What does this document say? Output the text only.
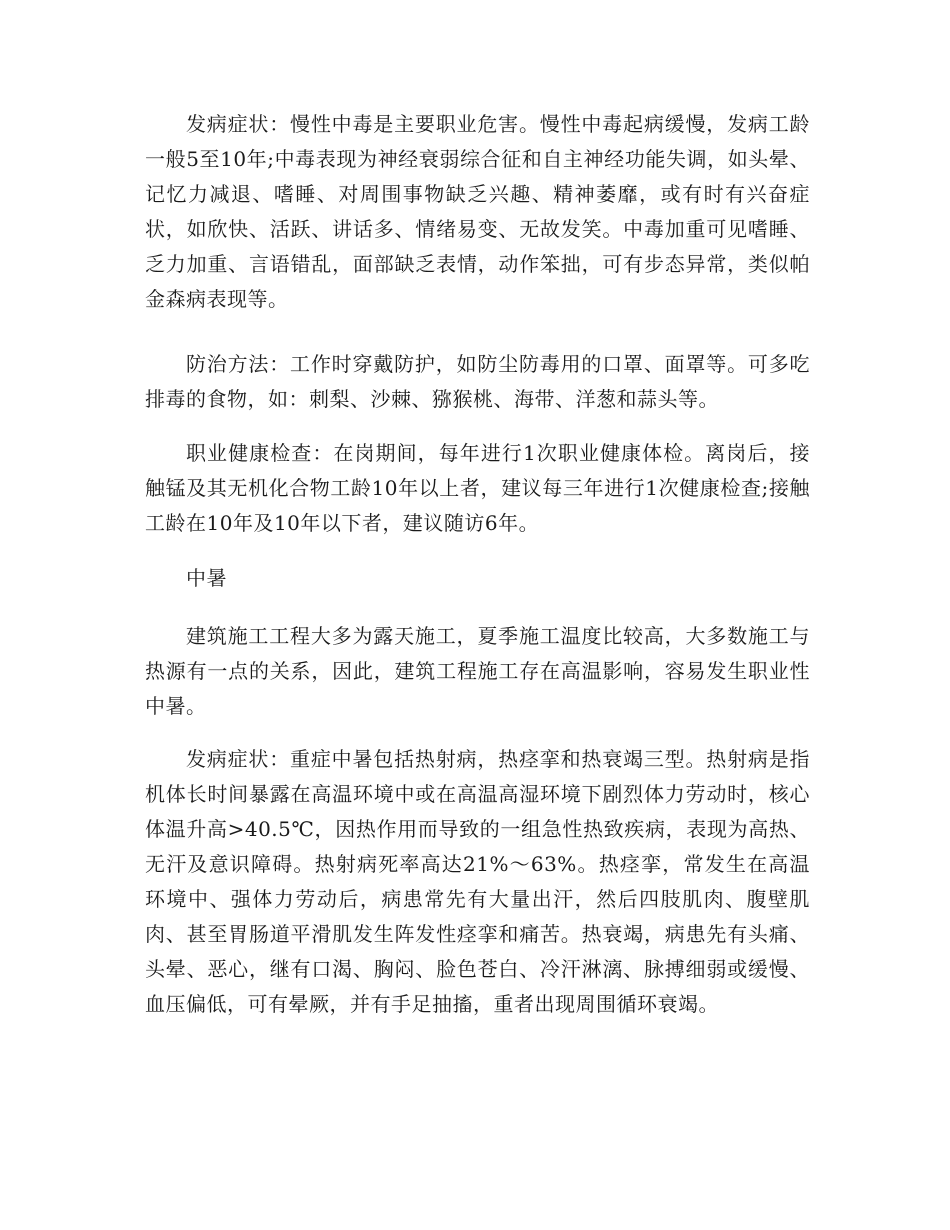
发病症状：慢性中毒是主要职业危害。慢性中毒起病缓慢，发病工龄一般5至10年;中毒表现为神经衰弱综合征和自主神经功能失调，如头晕、记忆力减退、嗜睡、对周围事物缺乏兴趣、精神萎靡，或有时有兴奋症状，如欣快、活跃、讲话多、情绪易变、无故发笑。中毒加重可见嗜睡、乏力加重、言语错乱，面部缺乏表情，动作笨拙，可有步态异常，类似帕金森病表现等。

防治方法：工作时穿戴防护，如防尘防毒用的口罩、面罩等。可多吃排毒的食物，如：刺梨、沙棘、猕猴桃、海带、洋葱和蒜头等。

职业健康检查：在岗期间，每年进行1次职业健康体检。离岗后，接触锰及其无机化合物工龄10年以上者，建议每三年进行1次健康检查;接触工龄在10年及10年以下者，建议随访6年。

中暑

建筑施工工程大多为露天施工，夏季施工温度比较高，大多数施工与热源有一点的关系，因此，建筑工程施工存在高温影响，容易发生职业性中暑。

发病症状：重症中暑包括热射病，热痉挛和热衰竭三型。热射病是指机体长时间暴露在高温环境中或在高温高湿环境下剧烈体力劳动时，核心体温升高>40.5℃，因热作用而导致的一组急性热致疾病，表现为高热、无汗及意识障碍。热射病死率高达21%～63%。热痉挛，常发生在高温环境中、强体力劳动后，病患常先有大量出汗，然后四肢肌肉、腹壁肌肉、甚至胃肠道平滑肌发生阵发性痉挛和痛苦。热衰竭，病患先有头痛、头晕、恶心，继有口渴、胸闷、脸色苍白、冷汗淋漓、脉搏细弱或缓慢、血压偏低，可有晕厥，并有手足抽搐，重者出现周围循环衰竭。
